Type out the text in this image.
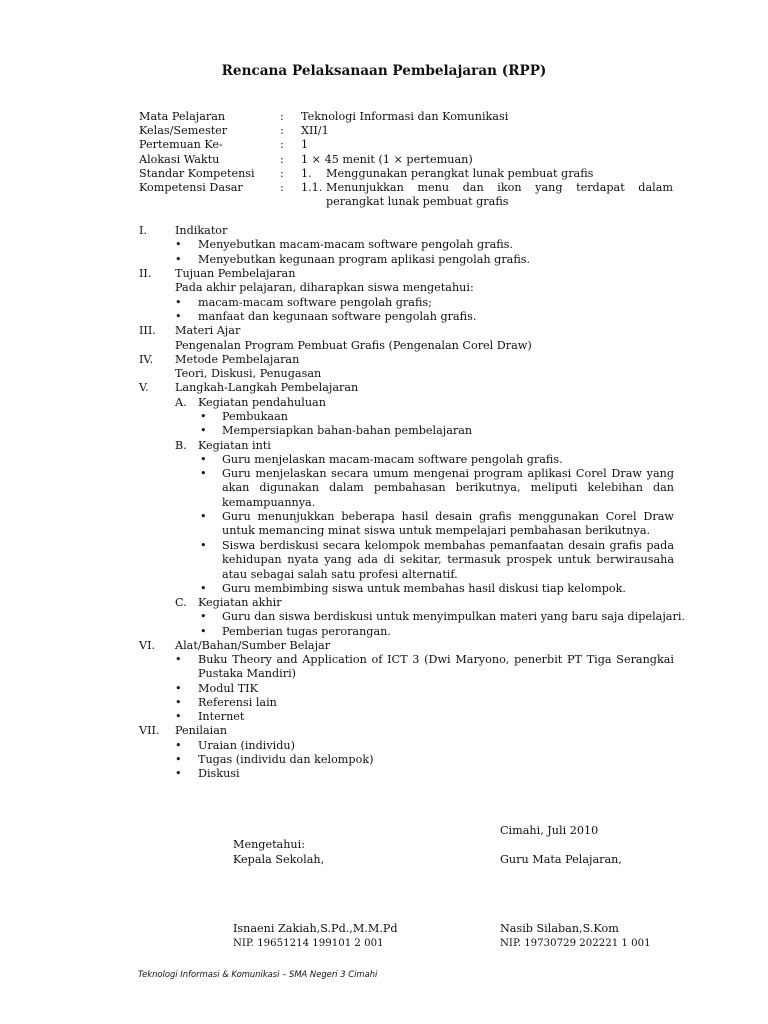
Rencana Pelaksanaan Pembelajaran (RPP)
Mata Pelajaran	: Teknologi Informasi dan Komunikasi
Kelas/Semester	: XII/1
Pertemuan Ke-	: 1
Alokasi Waktu	: 1 × 45 menit (1 × pertemuan)
Standar Kompetensi : 1. Menggunakan perangkat lunak pembuat grafis
Kompetensi Dasar	: 1.1. Menunjukkan menu dan ikon yang terdapat dalam perangkat lunak pembuat grafis
I.	Indikator
• Menyebutkan macam-macam software pengolah grafis.
• Menyebutkan kegunaan program aplikasi pengolah grafis.
II. Tujuan Pembelajaran
Pada akhir pelajaran, diharapkan siswa mengetahui:
• macam-macam software pengolah grafis;
• manfaat dan kegunaan software pengolah grafis.
III. Materi Ajar
Pengenalan Program Pembuat Grafis (Pengenalan Corel Draw)
IV. Metode Pembelajaran
Teori, Diskusi, Penugasan
V. Langkah-Langkah Pembelajaran
A. Kegiatan pendahuluan
• Pembukaan
• Mempersiapkan bahan-bahan pembelajaran
B. Kegiatan inti
• Guru menjelaskan macam-macam software pengolah grafis.
• Guru menjelaskan secara umum mengenai program aplikasi Corel Draw yang akan digunakan dalam pembahasan berikutnya, meliputi kelebihan dan kemampuannya.
• Guru menunjukkan beberapa hasil desain grafis menggunakan Corel Draw untuk memancing minat siswa untuk mempelajari pembahasan berikutnya.
• Siswa berdiskusi secara kelompok membahas pemanfaatan desain grafis pada kehidupan nyata yang ada di sekitar, termasuk prospek untuk berwirausaha atau sebagai salah satu profesi alternatif.
• Guru membimbing siswa untuk membahas hasil diskusi tiap kelompok.
C. Kegiatan akhir
• Guru dan siswa berdiskusi untuk menyimpulkan materi yang baru saja dipelajari.
• Pemberian tugas perorangan.
VI. Alat/Bahan/Sumber Belajar
• Buku Theory and Application of ICT 3 (Dwi Maryono, penerbit PT Tiga Serangkai Pustaka Mandiri)
• Modul TIK
• Referensi lain
• Internet
VII. Penilaian
• Uraian (individu)
• Tugas (individu dan kelompok)
• Diskusi
Cimahi, Juli 2010
Mengetahui:
Kepala Sekolah,	Guru Mata Pelajaran,
Isnaeni Zakiah,S.Pd.,M.M.Pd	Nasib Silaban,S.Kom
NIP. 19651214 199101 2 001	NIP. 19730729 202221 1 001
Teknologi Informasi & Komunikasi – SMA Negeri 3 Cimahi
